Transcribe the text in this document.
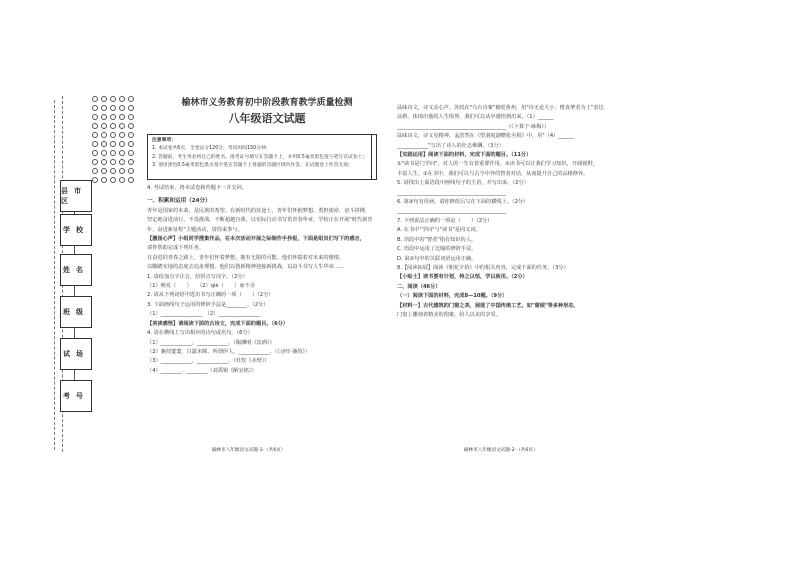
县市区
学校
姓名
班级
试场
考号
榆林市义务教育初中阶段教育教学质量检测
八年级语文试题
注意事项：
1. 本试卷共6页，全卷总分120分，考试时间150分钟；
2. 答题前，考生务必将自己的姓名、准考证号填写在答题卡上，并用0.5毫米黑色签字笔写在试卷上；
3. 请用黑色0.5毫米黑色墨水签字笔在答题卡上各题的答题区域内作答，在试题卷上作答无效；
4. 考试结束，将本试卷和答题卡一并交回。
一、积累和运用（24分）
青年是国家的未来，是民族的希望。在新时代的征途上，青年们怀抱梦想，勇担使命，奋斗拼搏，
坚定地奋进前行，不畏挑战，不断超越自我，以实际行动书写着青春华章。学校正在开展"时代新青
年，奋进新征程"主题活动，请你来参与。
【激扬心声】小组同学搜集作品，在本次活动开展之际制作手抄报，下面是组员们写下的感言，
请你帮助完成下列任务。
在奋进的青春之路上，青年们怀着梦想，拥有无限的可能。他们怀揣着对未来的憧憬，
以脚踏实地的态度去追求理想。他们以创新精神迎接新挑战，以奋斗书写人生华章……
1. 请给加点字注音，给拼音写汉字。（2分）
（1）焕发（　　）　　（2）qiè（　　）而不舍
2. 请从下列词语中选出书写正确的一项（　　）（2分）
3. 下面画线句子运用的修辞手法是________。（2分）
（1）________________　（2）________________
【美读感悟】请阅读下面的古诗文，完成下面的题目。（6分）
4. 请在横线上写出相应的诗句或名句。（6分）
（1）____________，____________。（陶渊明《饮酒》）
（2）蒹葭萋萋，白露未晞。所谓伊人，____________。（《诗经·蒹葭》）
（3）____________，____________。（杜牧《赤壁》）
（4）________，________（刘禹锡《陋室铭》）
榆林市八年级语文试题-1-（共6页）
品味诗文，诗文动心声。苏轼在"乌台诗案"被贬黄州，用"诗无论大小，惟真挚者为上"表达
品格，体现出他的人生境界。我们可以从中感悟到出来，（1）______
__________________________________________（《卜算子·咏梅》）
品味诗文，诗文见精神。孟浩然在《望洞庭湖赠张丞相》中，用"（4）______
____________"写出了诗人的壮志难酬。（3分）
【实践运用】阅读下面的材料，完成下面的题目。（11分）
①"读书是门学问"，对人的一生有着重要作用。②读书可以让我们学习知识，开阔视野，
丰富人生。③在书中，我们可以与古今中外的智者对话，从而提升自己的品格修养。
5. 请找出上面语段中画线句子的主语，并写出来。（2分）
__________________________________________
6. 第③句有语病，请你修改后写在下面的横线上。（2分）
__________________________________________
7. 下列说法正确的一项是（　　）（2分）
A. 在书中"学问"与"读书"是同义词。
B. 语段中的"智者"指有知识的人。
C. 语段中运用了比喻的修辞手法。
D. 第②句中的关联词语运用正确。
8.【阅读拓展】阅读《朝花夕拾》中的相关内容，完成下面的任务。（3分）
【小贴士】读书要有计划，持之以恒，学以致用。（2分）
二、阅读（46分）
（一）阅读下面的材料，完成8—10题。（9分）
【材料一】古代建筑的门窗之美，展现了中国传统工艺，如"窗棂"等多种形态，
门窗上雕刻着精美的图案，给人以美的享受。
榆林市八年级语文试题-2-（共6页）
